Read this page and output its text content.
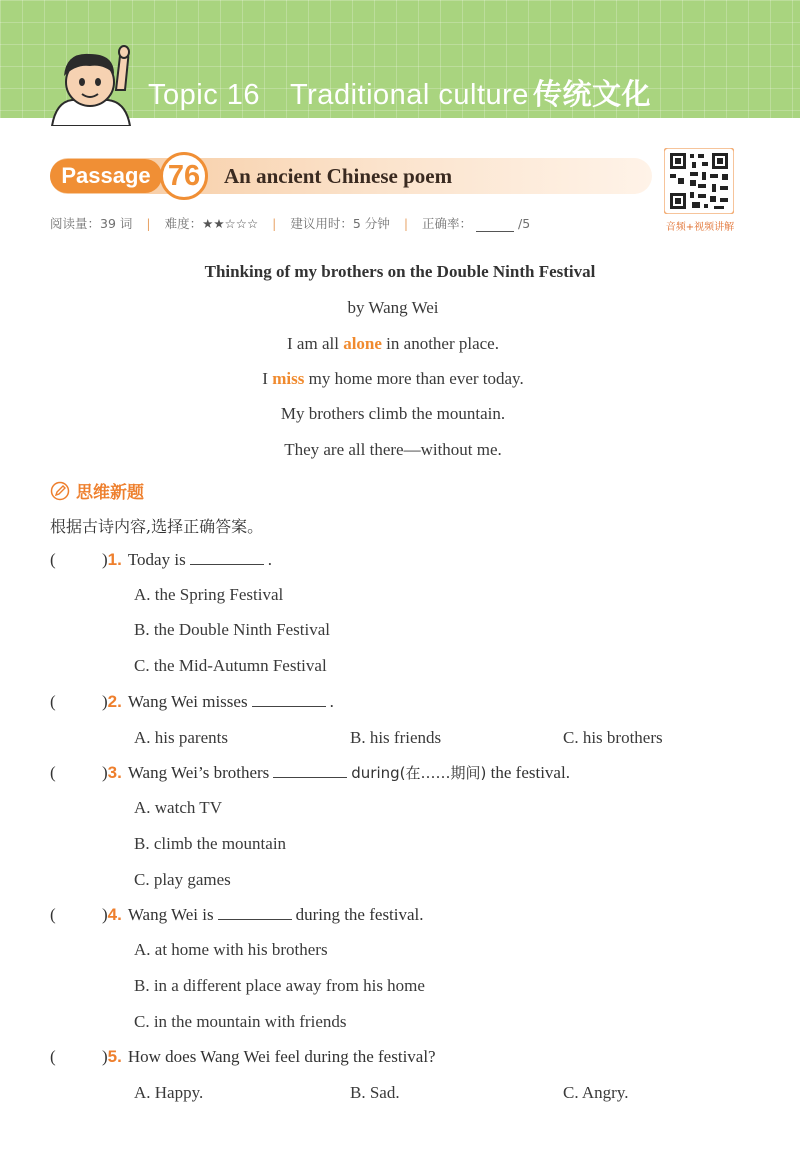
Topic 16 Traditional culture 传统文化
Passage 76	An ancient Chinese poem
音频+视频讲解
阅读量：39 词 | 难度：★★☆☆☆ | 建议用时：5 分钟 | 正确率：	/5
Thinking of my brothers on the Double Ninth Festival
by Wang Wei
I am all alone in another place.
I miss my home more than ever today.
My brothers climb the mountain.
They are all there—without me.
思维新题
根据古诗内容,选择正确答案。
(	)1. Today is	.
A. the Spring Festival
B. the Double Ninth Festival
C. the Mid-Autumn Festival
(	)2. Wang Wei misses	.
A. his parents	B. his friends	C. his brothers
(	)3. Wang Wei’s brothers	during(在……期间) the festival.
A. watch TV
B. climb the mountain
C. play games
(	)4. Wang Wei is	during the festival.
A. at home with his brothers
B. in a different place away from his home
C. in the mountain with friends
(	)5. How does Wang Wei feel during the festival?
A. Happy.	B. Sad.	C. Angry.
